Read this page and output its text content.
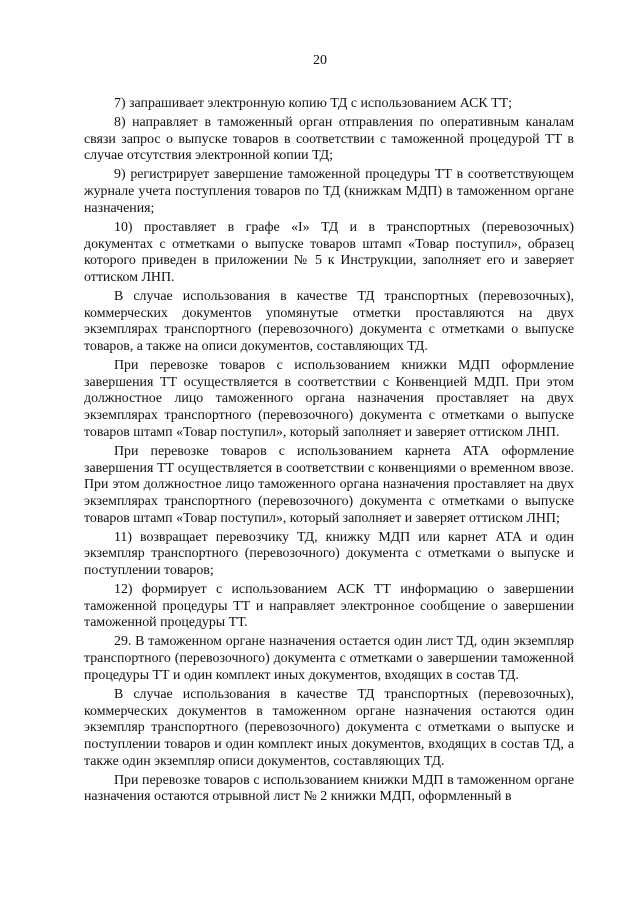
20

7) запрашивает электронную копию ТД с использованием АСК ТТ;

8) направляет в таможенный орган отправления по оперативным каналам связи запрос о выпуске товаров в соответствии с таможенной процедурой ТТ в случае отсутствия электронной копии ТД;

9) регистрирует завершение таможенной процедуры ТТ в соответствующем журнале учета поступления товаров по ТД (книжкам МДП) в таможенном органе назначения;

10) проставляет в графе «I» ТД и в транспортных (перевозочных) документах с отметками о выпуске товаров штамп «Товар поступил», образец которого приведен в приложении № 5 к Инструкции, заполняет его и заверяет оттиском ЛНП.

В случае использования в качестве ТД транспортных (перевозочных), коммерческих документов упомянутые отметки проставляются на двух экземплярах транспортного (перевозочного) документа с отметками о выпуске товаров, а также на описи документов, составляющих ТД.

При перевозке товаров с использованием книжки МДП оформление завершения ТТ осуществляется в соответствии с Конвенцией МДП. При этом должностное лицо таможенного органа назначения проставляет на двух экземплярах транспортного (перевозочного) документа с отметками о выпуске товаров штамп «Товар поступил», который заполняет и заверяет оттиском ЛНП.

При перевозке товаров с использованием карнета АТА оформление завершения ТТ осуществляется в соответствии с конвенциями о временном ввозе. При этом должностное лицо таможенного органа назначения проставляет на двух экземплярах транспортного (перевозочного) документа с отметками о выпуске товаров штамп «Товар поступил», который заполняет и заверяет оттиском ЛНП;

11) возвращает перевозчику ТД, книжку МДП или карнет АТА и один экземпляр транспортного (перевозочного) документа с отметками о выпуске и поступлении товаров;

12) формирует с использованием АСК ТТ информацию о завершении таможенной процедуры ТТ и направляет электронное сообщение о завершении таможенной процедуры ТТ.

29. В таможенном органе назначения остается один лист ТД, один экземпляр транспортного (перевозочного) документа с отметками о завершении таможенной процедуры ТТ и один комплект иных документов, входящих в состав ТД.

В случае использования в качестве ТД транспортных (перевозочных), коммерческих документов в таможенном органе назначения остаются один экземпляр транспортного (перевозочного) документа с отметками о выпуске и поступлении товаров и один комплект иных документов, входящих в состав ТД, а также один экземпляр описи документов, составляющих ТД.

При перевозке товаров с использованием книжки МДП в таможенном органе назначения остаются отрывной лист № 2 книжки МДП, оформленный в
